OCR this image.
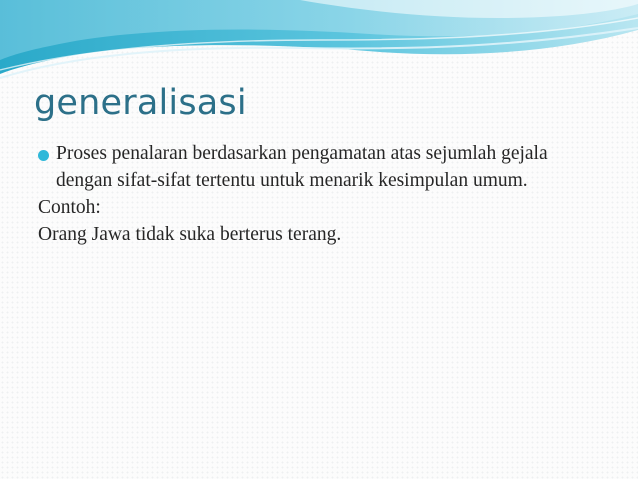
generalisasi

Proses penalaran berdasarkan pengamatan atas sejumlah gejala dengan sifat-sifat tertentu untuk menarik kesimpulan umum.

Contoh:

Orang Jawa tidak suka berterus terang.
